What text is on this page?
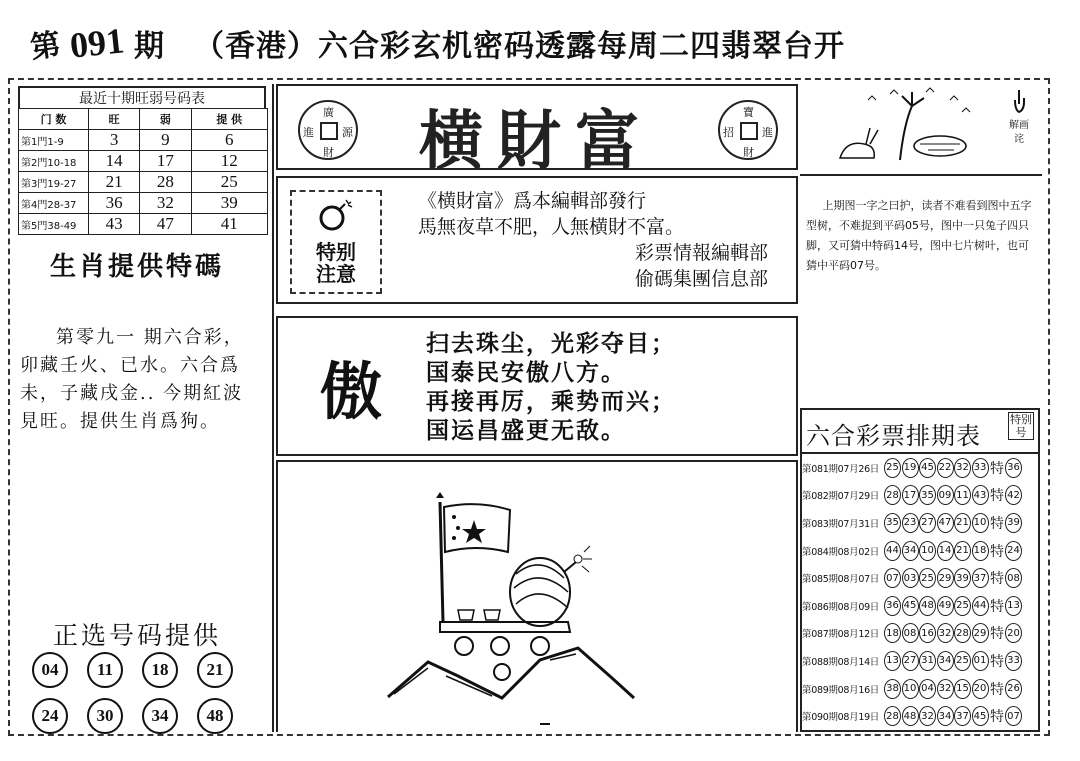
第 091 期 （香港）六合彩玄机密码透露每周二四翡翠台开
最近十期旺弱号码表
门 数	旺	弱	提 供
第1門1-9	3	9	6
第2門10-18	14	17	12
第3門19-27	21	28	25
第4門28-37	36	32	39
第5門38-49	43	47	41
生肖提供特碼
第零九一 期六合彩，卯藏壬火、已水。六合爲未，子藏戌金.. 今期紅波見旺。提供生肖爲狗。
正选号码提供
04	11	18	21
24	30	34	48
廣
進	源
財	横財富	寶
招	進
財
特别
注意
《横財富》爲本編輯部發行
馬無夜草不肥，人無横財不富。
彩票情報編輯部
偷碼集團信息部
傲
扫去珠尘，光彩夺目；
国泰民安傲八方。
再接再厉，乘势而兴；
国运昌盛更无敌。
解画诧
上期图一字之曰护，读者不难看到图中五字型树，不难捉到平码05号，图中一只兔子四只脚，又可猜中特码14号，图中七片树叶，也可猜中平码07号。
六合彩票排期表
特别号
第081期07月26日 25 19 45 22 32 33 特 36
第082期07月29日 28 17 35 09 11 43 特 42
第083期07月31日 35 23 27 47 21 10 特 39
第084期08月02日 44 34 10 14 21 18 特 24
第085期08月07日 07 03 25 29 39 37 特 08
第086期08月09日 36 45 48 49 25 44 特 13
第087期08月12日 18 08 16 32 28 29 特 20
第088期08月14日 13 27 31 34 25 01 特 33
第089期08月16日 38 10 04 32 15 20 特 26
第090期08月19日 28 48 32 34 37 45 特 07
